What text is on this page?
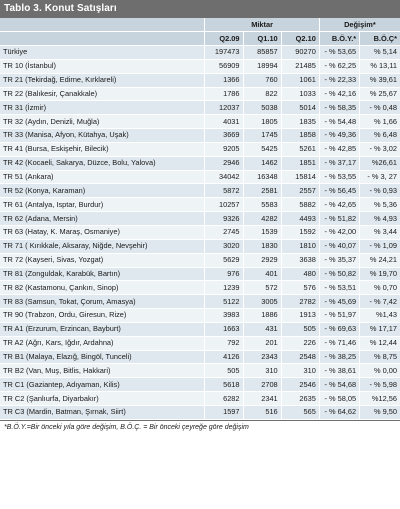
Tablo 3. Konut Satışları
	Miktar			Değişim*	
	Q2.09	Q1.10	Q2.10	B.Ö.Y.*	B.Ö.Ç*
Türkiye	197473	85857	90270	- % 53,65	% 5,14
TR 10 (İstanbul)	56909	18994	21485	- % 62,25	% 13,11
TR 21 (Tekirdağ, Edirne, Kırklareli)	1366	760	1061	- % 22,33	% 39,61
TR 22 (Balıkesir, Çanakkale)	1786	822	1033	- % 42,16	% 25,67
TR 31 (İzmir)	12037	5038	5014	- % 58,35	- % 0,48
TR 32 (Aydın, Denizli, Muğla)	4031	1805	1835	- % 54,48	% 1,66
TR 33 (Manisa, Afyon, Kütahya, Uşak)	3669	1745	1858	- % 49,36	% 6,48
TR 41 (Bursa, Eskişehir, Bilecik)	9205	5425	5261	- % 42,85	- % 3,02
TR 42 (Kocaeli, Sakarya, Düzce, Bolu, Yalova)	2946	1462	1851	- % 37,17	%26,61
TR 51 (Ankara)	34042	16348	15814	- % 53,55	- % 3, 27
TR 52 (Konya, Karaman)	5872	2581	2557	- % 56,45	- % 0,93
TR 61 (Antalya, Isptar, Burdur)	10257	5583	5882	- % 42,65	% 5,36
TR 62 (Adana, Mersin)	9326	4282	4493	- % 51,82	% 4,93
TR 63 (Hatay, K. Maraş, Osmaniye)	2745	1539	1592	- % 42,00	% 3,44
TR 71 ( Kırıkkale, Aksaray, Niğde, Nevşehir)	3020	1830	1810	- % 40,07	- % 1,09
TR 72 (Kayseri, Sivas, Yozgat)	5629	2929	3638	- % 35,37	% 24,21
TR 81 (Zonguldak, Karabük, Bartın)	976	401	480	- % 50,82	% 19,70
TR 82 (Kastamonu, Çankırı, Sinop)	1239	572	576	- % 53,51	% 0,70
TR 83 (Samsun, Tokat, Çorum, Amasya)	5122	3005	2782	- % 45,69	- % 7,42
TR 90 (Trabzon, Ordu, Giresun, Rize)	3983	1886	1913	- % 51,97	%1,43
TR A1 (Erzurum, Erzincan, Bayburt)	1663	431	505	- % 69,63	% 17,17
TR A2 (Ağrı, Kars, Iğdır, Ardahna)	792	201	226	- % 71,46	% 12,44
TR B1 (Malaya, Elazığ, Bingöl, Tunceli)	4126	2343	2548	- % 38,25	% 8,75
TR B2 (Van, Muş, Bitlis, Hakkari)	505	310	310	- % 38,61	% 0,00
TR C1 (Gaziantep, Adıyaman, Kilis)	5618	2708	2546	- % 54,68	- % 5,98
TR C2 (Şanlıurfa, Diyarbakır)	6282	2341	2635	- % 58,05	%12,56
TR C3 (Mardin, Batman, Şırnak, Siirt)	1597	516	565	- % 64,62	% 9,50
*B.Ö.Y.=Bir önceki yıla göre değişim, B.Ö.Ç. = Bir önceki çeyreğe göre değişim
